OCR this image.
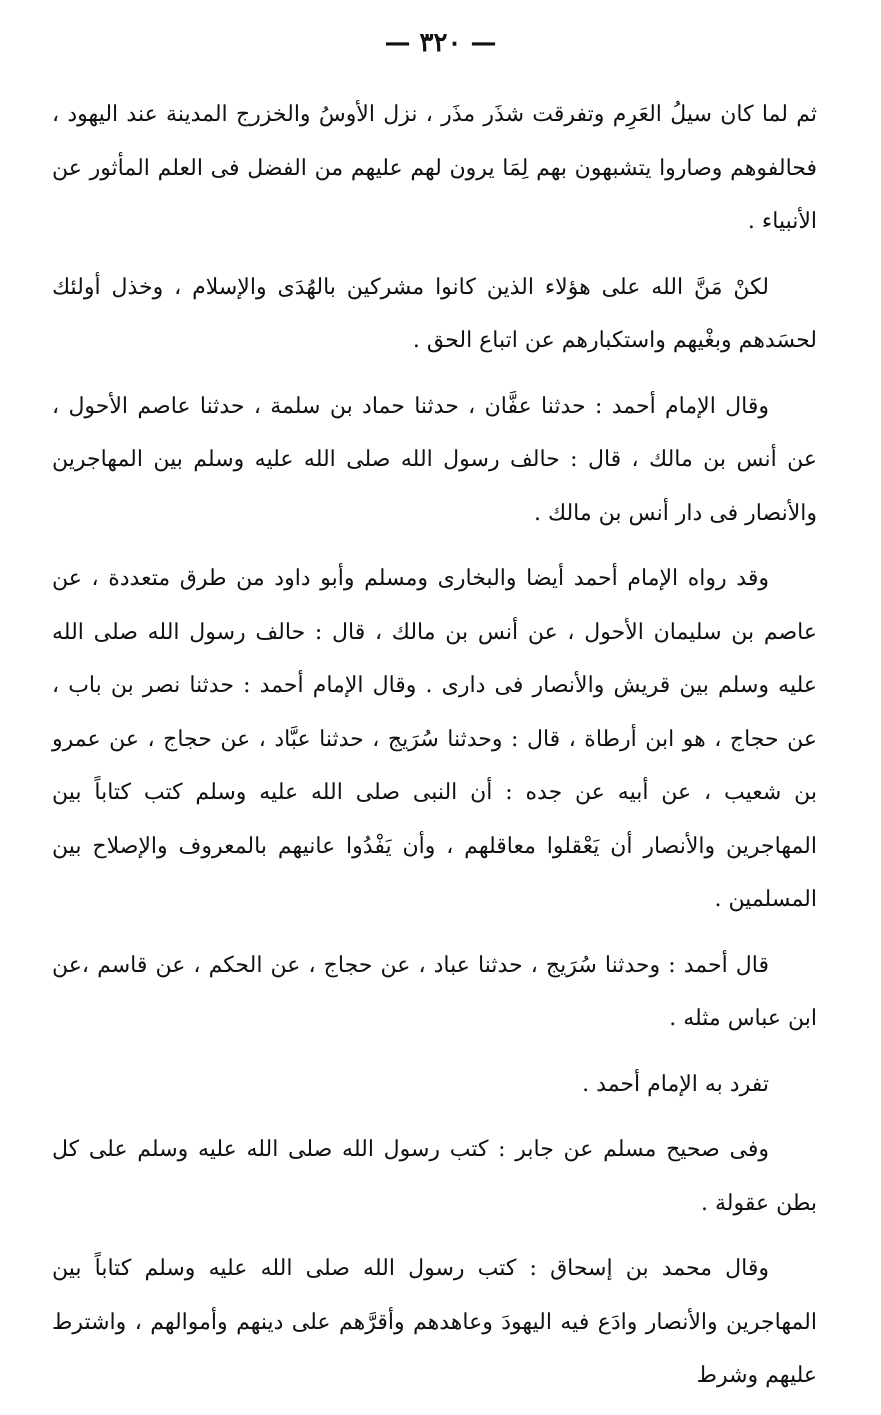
— ٣٢٠ —

ثم لما كان سيلُ العَرِم وتفرقت شذَر مذَر ، نزل الأوسُ والخزرج المدينة عند اليهود ، فحالفوهم وصاروا يتشبهون بهم لِمَا يرون لهم عليهم من الفضل فى العلم المأثور عن الأنبياء .

لكنْ مَنَّ الله على هؤلاء الذين كانوا مشركين بالهُدَى والإسلام ، وخذل أولئك لحسَدهم وبغْيهم واستكبارهم عن اتباع الحق .

وقال الإمام أحمد : حدثنا عفَّان ، حدثنا حماد بن سلمة ، حدثنا عاصم الأحول ، عن أنس بن مالك ، قال : حالف رسول الله صلى الله عليه وسلم بين المهاجرين والأنصار فى دار أنس بن مالك .

وقد رواه الإمام أحمد أيضا والبخارى ومسلم وأبو داود من طرق متعددة ، عن عاصم بن سليمان الأحول ، عن أنس بن مالك ، قال : حالف رسول الله صلى الله عليه وسلم بين قريش والأنصار فى دارى . وقال الإمام أحمد : حدثنا نصر بن باب ، عن حجاج ، هو ابن أرطاة ، قال : وحدثنا سُرَيج ، حدثنا عبَّاد ، عن حجاج ، عن عمرو بن شعيب ، عن أبيه عن جده : أن النبى صلى الله عليه وسلم كتب كتاباً بين المهاجرين والأنصار أن يَعْقلوا معاقلهم ، وأن يَفْدُوا عانيهم بالمعروف والإصلاح بين المسلمين .

قال أحمد : وحدثنا سُرَيج ، حدثنا عباد ، عن حجاج ، عن الحكم ، عن قاسم ،عن ابن عباس مثله .

تفرد به الإمام أحمد .

وفى صحيح مسلم عن جابر : كتب رسول الله صلى الله عليه وسلم على كل بطن عقولة .

وقال محمد بن إسحاق : كتب رسول الله صلى الله عليه وسلم كتاباً بين المهاجرين والأنصار وادَع فيه اليهودَ وعاهدهم وأقرَّهم على دينهم وأموالهم ، واشترط عليهم وشرط
